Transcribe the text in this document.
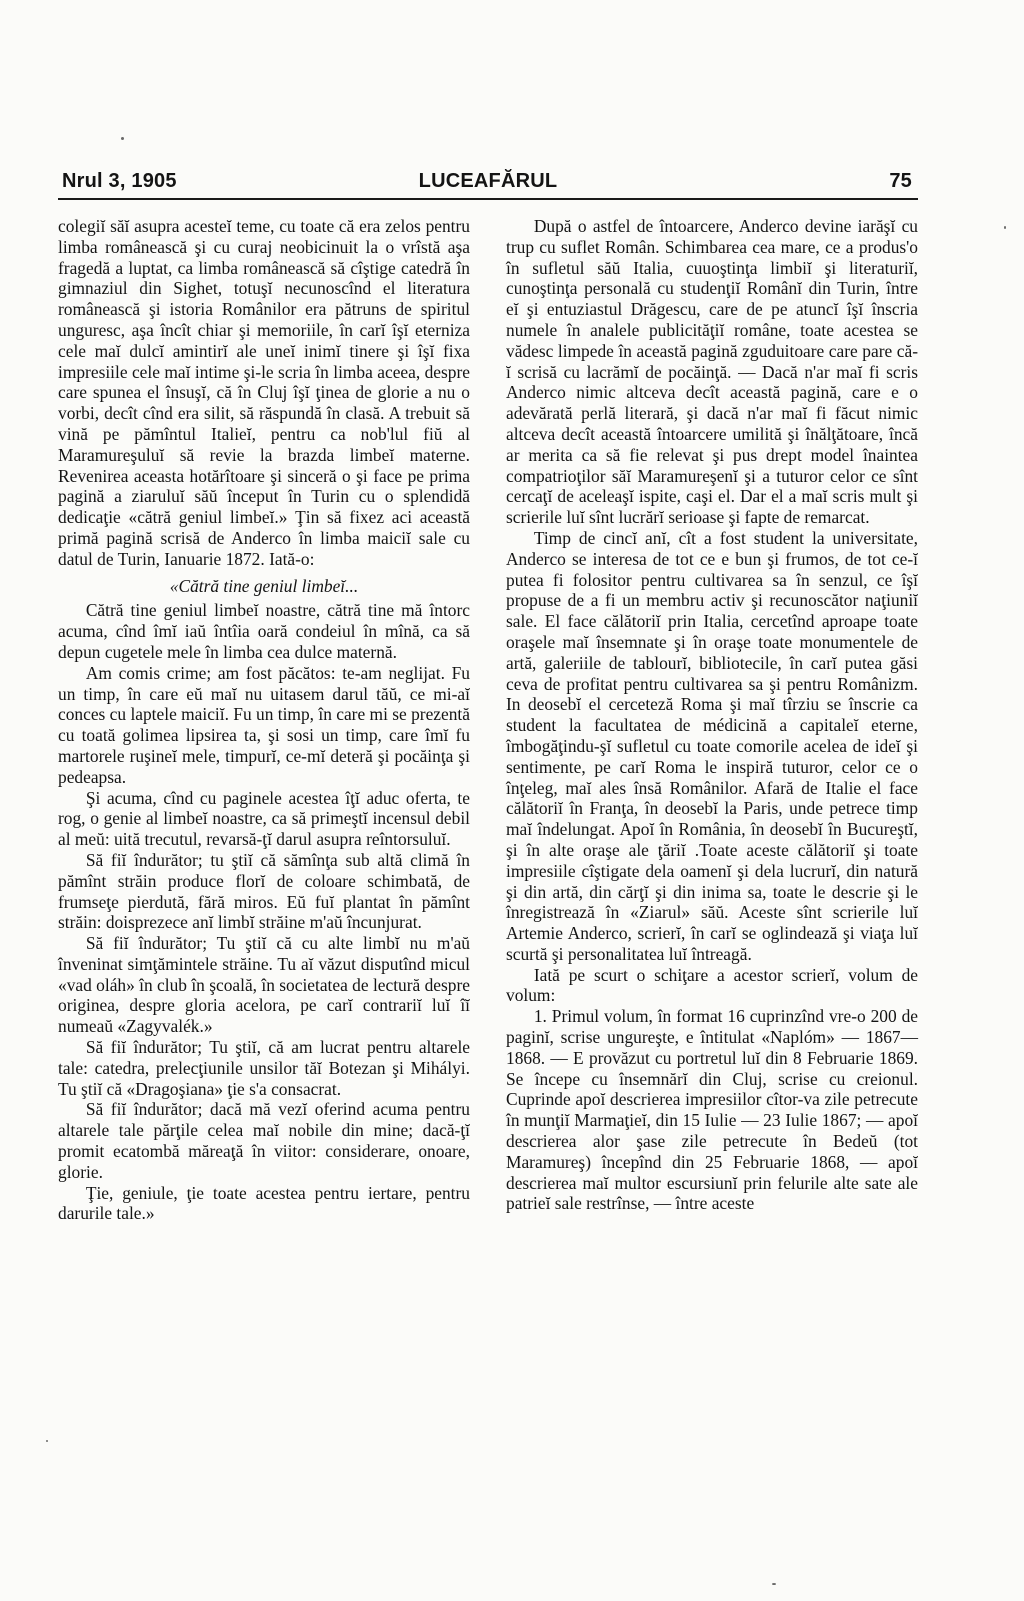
Nrul 3, 1905	LUCEAFĂRUL	75

colegiĭ săĭ asupra acesteĭ teme, cu toate că era zelos pentru limba românească şi cu curaj neobicinuit la o vrîstă aşa fragedă a luptat, ca limba românească să cîştige catedră în gimnaziul din Sighet, totuşĭ necunoscînd el literatura românească şi istoria Românilor era pătruns de spiritul unguresc, aşa încît chiar şi memoriile, în carĭ îşĭ eterniza cele maĭ dulcĭ amintirĭ ale uneĭ inimĭ tinere şi îşĭ fixa impresiile cele maĭ intime şi-le scria în limba aceea, despre care spunea el însuşĭ, că în Cluj îşĭ ţinea de glorie a nu o vorbi, decît cînd era silit, să răspundă în clasă. A trebuit să vină pe pămîntul Italieĭ, pentru ca nob'lul fiŭ al Maramureşuluĭ să revie la brazda limbeĭ materne. Revenirea aceasta hotărîtoare şi sinceră o şi face pe prima pagină a ziaruluĭ săŭ început în Turin cu o splendidă dedicaţie «cătră geniul limbeĭ.» Ţin să fixez aci această primă pagină scrisă de Anderco în limba maiciĭ sale cu datul de Turin, Ianuarie 1872. Iată-o:

«Cătră tine geniul limbeĭ...

Cătră tine geniul limbeĭ noastre, cătră tine mă întorc acuma, cînd îmĭ iaŭ întîia oară condeiul în mînă, ca să depun cugetele mele în limba cea dulce maternă.

Am comis crime; am fost păcătos: te-am neglijat. Fu un timp, în care eŭ maĭ nu uitasem darul tăŭ, ce mi-aĭ conces cu laptele maiciĭ. Fu un timp, în care mi se prezentă cu toată golimea lipsirea ta, şi sosi un timp, care îmĭ fu martorele ruşineĭ mele, timpurĭ, ce-mĭ deteră şi pocăinţa şi pedeapsa.

Şi acuma, cînd cu paginele acestea îţĭ aduc oferta, te rog, o genie al limbeĭ noastre, ca să primeştĭ incensul debil al meŭ: uită trecutul, revarsă-ţĭ darul asupra reîntorsuluĭ.

Să fiĭ îndurător; tu ştiĭ că sămînţa sub altă climă în pămînt străin produce florĭ de coloare schimbată, de frumseţe pierdută, fără miros. Eŭ fuĭ plantat în pămînt străin: doisprezece anĭ limbĭ străine m'aŭ încunjurat.

Să fiĭ îndurător; Tu ştiĭ că cu alte limbĭ nu m'aŭ înveninat simţămintele străine. Tu aĭ văzut disputînd micul «vad oláh» în club în şcoală, în societatea de lectură despre originea, despre gloria acelora, pe carĭ contrariĭ luĭ îĭ numeaŭ «Zagyvalék.»

Să fiĭ îndurător; Tu ştiĭ, că am lucrat pentru altarele tale: catedra, prelecţiunile unsilor tăĭ Botezan şi Mihályi. Tu ştiĭ că «Dragoşiana» ţie s'a consacrat.

Să fiĭ îndurător; dacă mă vezĭ oferind acuma pentru altarele tale părţile celea maĭ nobile din mine; dacă-ţĭ promit ecatombă măreaţă în viitor: considerare, onoare, glorie.

Ţie, geniule, ţie toate acestea pentru iertare, pentru darurile tale.»

După o astfel de întoarcere, Anderco devine iarăşĭ cu trup cu suflet Român. Schimbarea cea mare, ce a produs'o în sufletul săŭ Italia, cuuoştinţa limbiĭ şi literaturiĭ, cunoştinţa personală cu studenţiĭ Românĭ din Turin, între eĭ şi entuziastul Drăgescu, care de pe atuncĭ îşĭ înscria numele în analele publicităţiĭ române, toate acestea se vădesc limpede în această pagină zguduitoare care pare că-ĭ scrisă cu lacrămĭ de pocăinţă. — Dacă n'ar maĭ fi scris Anderco nimic altceva decît această pagină, care e o adevărată perlă literară, şi dacă n'ar maĭ fi făcut nimic altceva decît această întoarcere umilită şi înălţătoare, încă ar merita ca să fie relevat şi pus drept model înaintea compatrioţilor săĭ Maramureşenĭ şi a tuturor celor ce sînt cercaţĭ de aceleaşĭ ispite, caşi el. Dar el a maĭ scris mult şi scrierile luĭ sînt lucrărĭ serioase şi fapte de remarcat.

Timp de cincĭ anĭ, cît a fost student la universitate, Anderco se interesa de tot ce e bun şi frumos, de tot ce-ĭ putea fi folositor pentru cultivarea sa în senzul, ce îşĭ propuse de a fi un membru activ şi recunoscător naţiuniĭ sale. El face călătoriĭ prin Italia, cercetînd aproape toate oraşele maĭ însemnate şi în oraşe toate monumentele de artă, galeriile de tablourĭ, bibliotecile, în carĭ putea găsi ceva de profitat pentru cultivarea sa şi pentru Românizm. In deosebĭ el cerceteză Roma şi maĭ tîrziu se înscrie ca student la facultatea de médicină a capitaleĭ eterne, îmbogăţindu-şĭ sufletul cu toate comorile acelea de ideĭ şi sentimente, pe carĭ Roma le inspiră tuturor, celor ce o înţeleg, maĭ ales însă Românilor. Afară de Italie el face călătoriĭ în Franţa, în deosebĭ la Paris, unde petrece timp maĭ îndelungat. Apoĭ în România, în deosebĭ în Bucureştĭ, şi în alte oraşe ale ţăriĭ .Toate aceste călătoriĭ şi toate impresiile cîştigate dela oamenĭ şi dela lucrurĭ, din natură şi din artă, din cărţĭ şi din inima sa, toate le descrie şi le înregistrează în «Ziarul» săŭ. Aceste sînt scrierile luĭ Artemie Anderco, scrierĭ, în carĭ se oglindează şi viaţa luĭ scurtă şi personalitatea luĭ întreagă.

Iată pe scurt o schiţare a acestor scrierĭ, volum de volum:

1. Primul volum, în format 16 cuprinzînd vre-o 200 de paginĭ, scrise ungureşte, e întitulat «Naplóm» — 1867—1868. — E provăzut cu portretul luĭ din 8 Februarie 1869. Se începe cu însemnărĭ din Cluj, scrise cu creionul. Cuprinde apoĭ descrierea impresiilor cîtor-va zile petrecute în munţiĭ Marmaţieĭ, din 15 Iulie — 23 Iulie 1867; — apoĭ descrierea alor şase zile petrecute în Bedeŭ (tot Maramureş) începînd din 25 Februarie 1868, — apoĭ descrierea maĭ multor escursiunĭ prin felurile alte sate ale patrieĭ sale restrînse, — între aceste
